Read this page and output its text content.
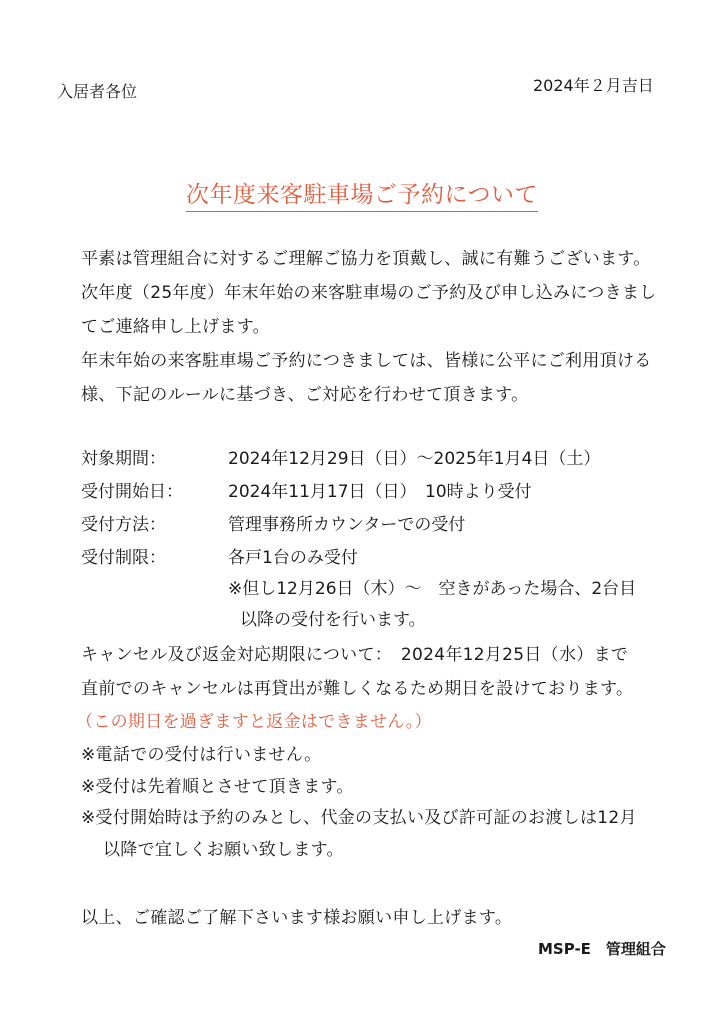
入居者各位	2024年２月吉日
次年度来客駐車場ご予約について
平素は管理組合に対するご理解ご協力を頂戴し、誠に有難うございます。
次年度（25年度）年末年始の来客駐車場のご予約及び申し込みにつきまし
てご連絡申し上げます。
年末年始の来客駐車場ご予約につきましては、皆様に公平にご利用頂ける
様、下記のルールに基づき、ご対応を行わせて頂きます。
対象期間：	2024年12月29日（日）～2025年1月4日（土）
受付開始日：	2024年11月17日（日）　10時より受付
受付方法：	管理事務所カウンターでの受付
受付制限：	各戸1台のみ受付
※但し12月26日（木）～　空きがあった場合、2台目
以降の受付を行います。
キャンセル及び返金対応期限について：　2024年12月25日（水）まで
直前でのキャンセルは再貸出が難しくなるため期日を設けております。
（この期日を過ぎますと返金はできません。）
※電話での受付は行いません。
※受付は先着順とさせて頂きます。
※受付開始時は予約のみとし、代金の支払い及び許可証のお渡しは12月
以降で宜しくお願い致します。
以上、ご確認ご了解下さいます様お願い申し上げます。
MSP-E　管理組合
